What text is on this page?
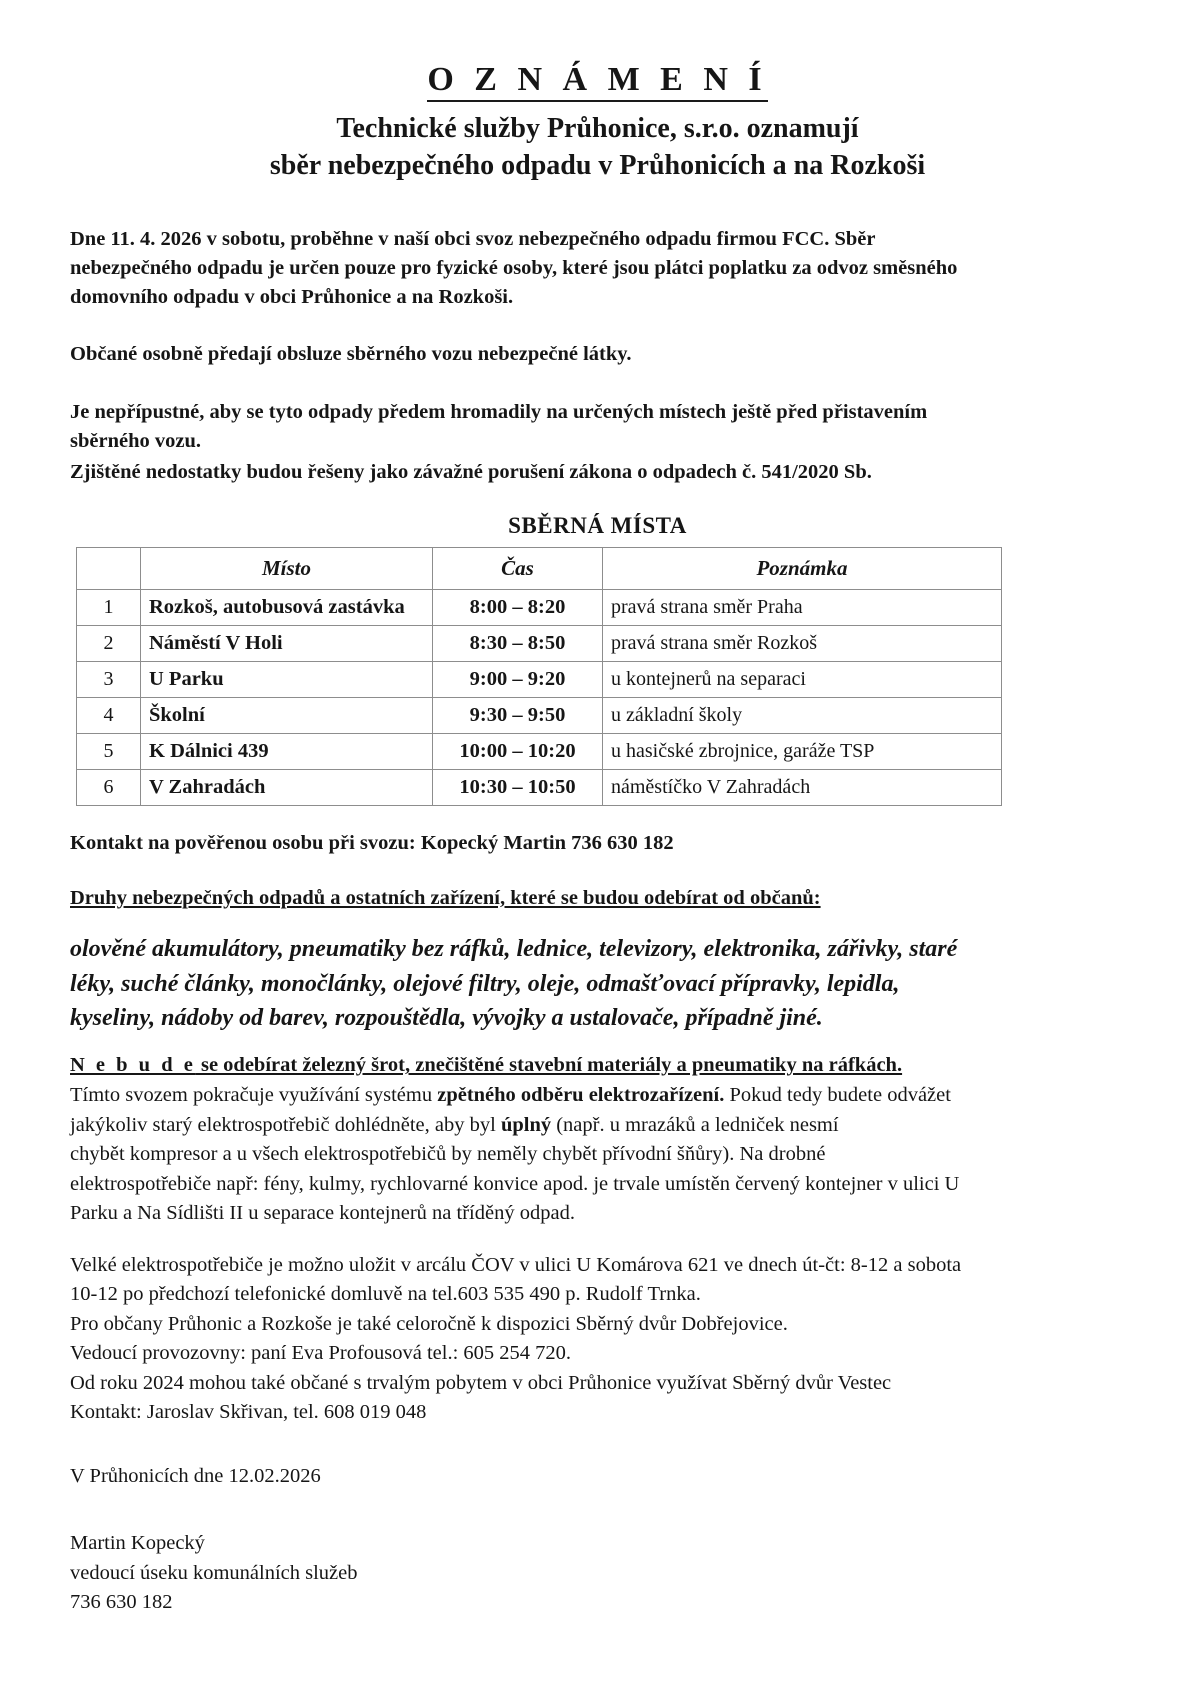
O Z N Á M E N Í
Technické služby Průhonice, s.r.o. oznamují
sběr nebezpečného odpadu v Průhonicích a na Rozkoši
Dne 11. 4. 2026 v sobotu, proběhne v naší obci svoz nebezpečného odpadu firmou FCC. Sběr
nebezpečného odpadu je určen pouze pro fyzické osoby, které jsou plátci poplatku za odvoz směsného
domovního odpadu v obci Průhonice a na Rozkoši.
Občané osobně předají obsluze sběrného vozu nebezpečné látky.
Je nepřípustné, aby se tyto odpady předem hromadily na určených místech ještě před přistavením
sběrného vozu.
Zjištěné nedostatky budou řešeny jako závažné porušení zákona o odpadech č. 541/2020 Sb.
SBĚRNÁ MÍSTA
	Místo	Čas	Poznámka
1	Rozkoš, autobusová zastávka	8:00 – 8:20	pravá strana směr Praha
2	Náměstí V Holi	8:30 – 8:50	pravá strana směr Rozkoš
3	U Parku	9:00 – 9:20	u kontejnerů na separaci
4	Školní	9:30 – 9:50	u základní školy
5	K Dálnici 439	10:00 – 10:20	u hasičské zbrojnice, garáže TSP
6	V Zahradách	10:30 – 10:50	náměstíčko V Zahradách
Kontakt na pověřenou osobu při svozu: Kopecký Martin 736 630 182
Druhy nebezpečných odpadů a ostatních zařízení, které se budou odebírat od občanů:
olověné akumulátory, pneumatiky bez ráfků, lednice, televizory, elektronika, zářivky, staré
léky, suché články, monočlánky, olejové filtry, oleje, odmašťovací přípravky, lepidla,
kyseliny, nádoby od barev, rozpouštědla, vývojky a ustalovače, případně jiné.
N e b u d e se odebírat železný šrot, znečištěné stavební materiály a pneumatiky na ráfkách.
Tímto svozem pokračuje využívání systému zpětného odběru elektrozařízení. Pokud tedy budete odvážet
jakýkoliv starý elektrospotřebič dohlédněte, aby byl úplný (např. u mrazáků a ledniček nesmí
chybět kompresor a u všech elektrospotřebičů by neměly chybět přívodní šňůry). Na drobné
elektrospotřebiče např: fény, kulmy, rychlovarné konvice apod. je trvale umístěn červený kontejner v ulici U
Parku a Na Sídlišti II u separace kontejnerů na tříděný odpad.
Velké elektrospotřebiče je možno uložit v arcálu ČOV v ulici U Komárova 621 ve dnech út-čt: 8-12 a sobota
10-12 po předchozí telefonické domluvě na tel.603 535 490 p. Rudolf Trnka.
Pro občany Průhonic a Rozkoše je také celoročně k dispozici Sběrný dvůr Dobřejovice.
Vedoucí provozovny: paní Eva Profousová tel.: 605 254 720.
Od roku 2024 mohou také občané s trvalým pobytem v obci Průhonice využívat Sběrný dvůr Vestec
Kontakt: Jaroslav Skřivan, tel. 608 019 048
V Průhonicích dne 12.02.2026
Martin Kopecký
vedoucí úseku komunálních služeb
736 630 182
